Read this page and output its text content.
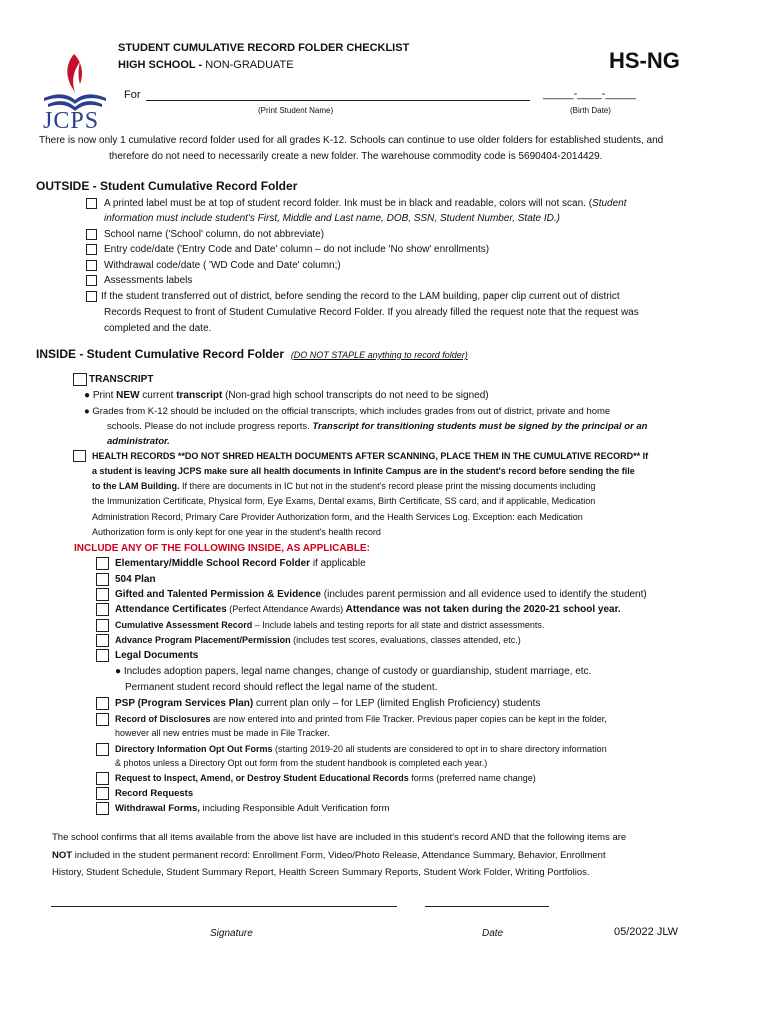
JCPS
STUDENT CUMULATIVE RECORD FOLDER CHECKLIST
HIGH SCHOOL - NON-GRADUATE	HS-NG
For	_____-____-_____
(Print Student Name)	(Birth Date)
There is now only 1 cumulative record folder used for all grades K-12. Schools can continue to use older folders for established students, and
therefore do not need to necessarily create a new folder. The warehouse commodity code is 5690404-2014429.
OUTSIDE - Student Cumulative Record Folder
A printed label must be at top of student record folder. Ink must be in black and readable, colors will not scan. (Student
information must include student's First, Middle and Last name, DOB, SSN, Student Number, State ID.)
School name ('School' column, do not abbreviate)
Entry code/date ('Entry Code and Date' column – do not include 'No show' enrollments)
Withdrawal code/date ( 'WD Code and Date' column;)
Assessments labels
If the student transferred out of district, before sending the record to the LAM building, paper clip current out of district
Records Request to front of Student Cumulative Record Folder. If you already filled the request note that the request was
completed and the date.
INSIDE - Student Cumulative Record Folder (DO NOT STAPLE anything to record folder)
TRANSCRIPT
● Print NEW current transcript (Non-grad high school transcripts do not need to be signed)
● Grades from K-12 should be included on the official transcripts, which includes grades from out of district, private and home
schools. Please do not include progress reports. Transcript for transitioning students must be signed by the principal or an
administrator.
HEALTH RECORDS **DO NOT SHRED HEALTH DOCUMENTS AFTER SCANNING, PLACE THEM IN THE CUMULATIVE RECORD** If
a student is leaving JCPS make sure all health documents in Infinite Campus are in the student's record before sending the file
to the LAM Building. If there are documents in IC but not in the student's record please print the missing documents including
the Immunization Certificate, Physical form, Eye Exams, Dental exams, Birth Certificate, SS card, and if applicable, Medication
Administration Record, Primary Care Provider Authorization form, and the Health Services Log. Exception: each Medication
Authorization form is only kept for one year in the student's health record
INCLUDE ANY OF THE FOLLOWING INSIDE, AS APPLICABLE:
Elementary/Middle School Record Folder if applicable
504 Plan
Gifted and Talented Permission & Evidence (includes parent permission and all evidence used to identify the student)
Attendance Certificates (Perfect Attendance Awards) Attendance was not taken during the 2020-21 school year.
Cumulative Assessment Record – Include labels and testing reports for all state and district assessments.
Advance Program Placement/Permission (includes test scores, evaluations, classes attended, etc.)
Legal Documents
● Includes adoption papers, legal name changes, change of custody or guardianship, student marriage, etc.
Permanent student record should reflect the legal name of the student.
PSP (Program Services Plan) current plan only – for LEP (limited English Proficiency) students
Record of Disclosures are now entered into and printed from File Tracker. Previous paper copies can be kept in the folder,
however all new entries must be made in File Tracker.
Directory Information Opt Out Forms (starting 2019-20 all students are considered to opt in to share directory information
& photos unless a Directory Opt out form from the student handbook is completed each year.)
Request to Inspect, Amend, or Destroy Student Educational Records forms (preferred name change)
Record Requests
Withdrawal Forms, including Responsible Adult Verification form
The school confirms that all items available from the above list have are included in this student's record AND that the following items are
NOT included in the student permanent record: Enrollment Form, Video/Photo Release, Attendance Summary, Behavior, Enrollment
History, Student Schedule, Student Summary Report, Health Screen Summary Reports, Student Work Folder, Writing Portfolios.
Signature	Date	05/2022 JLW
